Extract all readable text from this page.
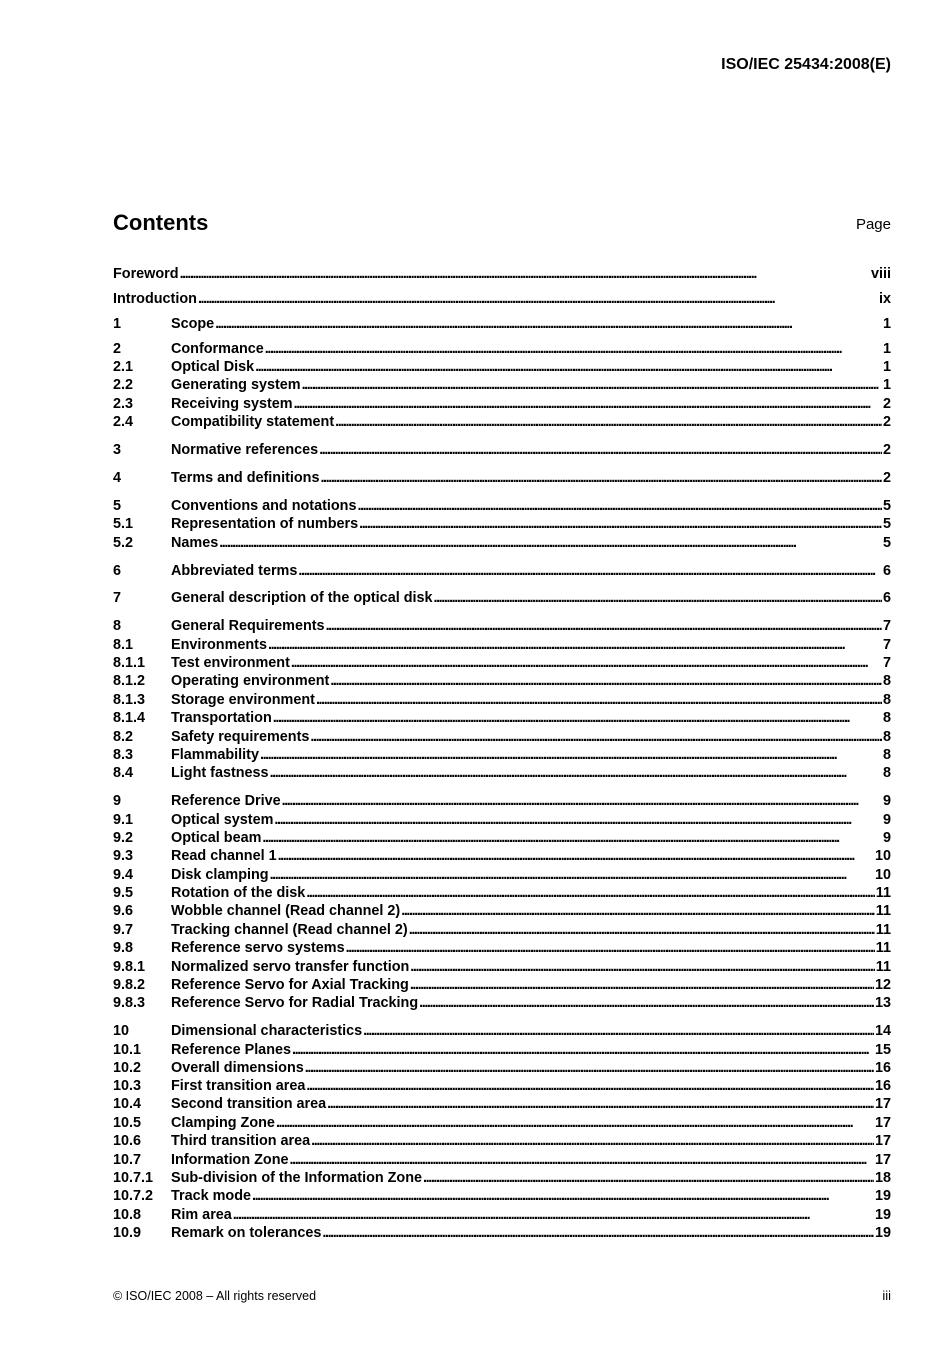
ISO/IEC 25434:2008(E)
Contents	Page
Foreword . . .	viii
Introduction . . .	ix
1	Scope . . .	1
2	Conformance . . .	1
2.1	Optical Disk . . .	1
2.2	Generating system . . .	1
2.3	Receiving system . . .	2
2.4	Compatibility statement . . .	2
3	Normative references . . .	2
4	Terms and definitions . . .	2
5	Conventions and notations . . .	5
5.1	Representation of numbers . . .	5
5.2	Names . . .	5
6	Abbreviated terms . . .	6
7	General description of the optical disk . . .	6
8	General Requirements . . .	7
8.1	Environments . . .	7
8.1.1	Test environment . . .	7
8.1.2	Operating environment . . .	8
8.1.3	Storage environment . . .	8
8.1.4	Transportation . . .	8
8.2	Safety requirements . . .	8
8.3	Flammability . . .	8
8.4	Light fastness . . .	8
9	Reference Drive . . .	9
9.1	Optical system . . .	9
9.2	Optical beam . . .	9
9.3	Read channel 1 . . .	10
9.4	Disk clamping . . .	10
9.5	Rotation of the disk . . .	11
9.6	Wobble channel (Read channel 2) . . .	11
9.7	Tracking channel (Read channel 2) . . .	11
9.8	Reference servo systems . . .	11
9.8.1	Normalized servo transfer function . . .	11
9.8.2	Reference Servo for Axial Tracking . . .	12
9.8.3	Reference Servo for Radial Tracking . . .	13
10	Dimensional characteristics . . .	14
10.1	Reference Planes . . .	15
10.2	Overall dimensions . . .	16
10.3	First transition area . . .	16
10.4	Second transition area . . .	17
10.5	Clamping Zone . . .	17
10.6	Third transition area . . .	17
10.7	Information Zone . . .	17
10.7.1	Sub-division of the Information Zone . . .	18
10.7.2	Track mode . . .	19
10.8	Rim area . . .	19
10.9	Remark on tolerances . . .	19
© ISO/IEC 2008 – All rights reserved	iii
